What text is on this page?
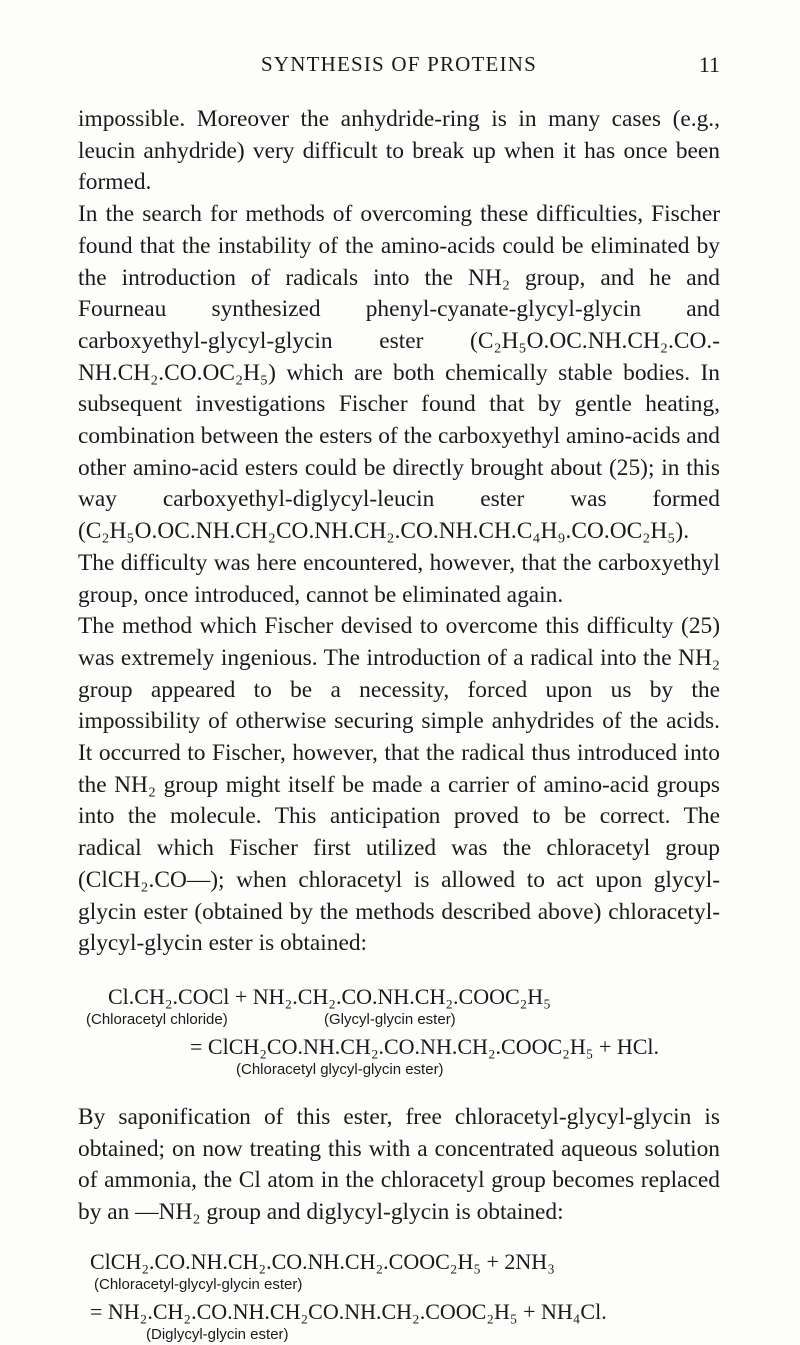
SYNTHESIS OF PROTEINS	11

impossible. Moreover the anhydride-ring is in many cases (e.g., leucin anhydride) very difficult to break up when it has once been formed.

In the search for methods of overcoming these difficulties, Fischer found that the instability of the amino-acids could be eliminated by the introduction of radicals into the NH₂ group, and he and Fourneau synthesized phenyl-cyanate-glycyl-glycin and carboxyethyl-glycyl-glycin ester (C₂H₅O.OC.NH.CH₂.CO.-NH.CH₂.CO.OC₂H₅) which are both chemically stable bodies. In subsequent investigations Fischer found that by gentle heating, combination between the esters of the carboxyethyl amino-acids and other amino-acid esters could be directly brought about (25); in this way carboxyethyl-diglycyl-leucin ester was formed (C₂H₅O.OC.NH.CH₂CO.NH.CH₂.CO.NH.CH.C₄H₉.CO.OC₂H₅). The difficulty was here encountered, however, that the carboxyethyl group, once introduced, cannot be eliminated again.

The method which Fischer devised to overcome this difficulty (25) was extremely ingenious. The introduction of a radical into the NH₂ group appeared to be a necessity, forced upon us by the impossibility of otherwise securing simple anhydrides of the acids. It occurred to Fischer, however, that the radical thus introduced into the NH₂ group might itself be made a carrier of amino-acid groups into the molecule. This anticipation proved to be correct. The radical which Fischer first utilized was the chloracetyl group (ClCH₂.CO—); when chloracetyl is allowed to act upon glycyl-glycin ester (obtained by the methods described above) chloracetyl-glycyl-glycin ester is obtained:

Cl.CH₂.COCl + NH₂.CH₂.CO.NH.CH₂.COOC₂H₅
(Chloracetyl chloride)	(Glycyl-glycin ester)
= ClCH₂CO.NH.CH₂.CO.NH.CH₂.COOC₂H₅ + HCl.
(Chloracetyl glycyl-glycin ester)

By saponification of this ester, free chloracetyl-glycyl-glycin is obtained; on now treating this with a concentrated aqueous solution of ammonia, the Cl atom in the chloracetyl group becomes replaced by an —NH₂ group and diglycyl-glycin is obtained:

ClCH₂.CO.NH.CH₂.CO.NH.CH₂.COOC₂H₅ + 2NH₃
(Chloracetyl-glycyl-glycin ester)
= NH₂.CH₂.CO.NH.CH₂CO.NH.CH₂.COOC₂H₅ + NH₄Cl.
(Diglycyl-glycin ester)
